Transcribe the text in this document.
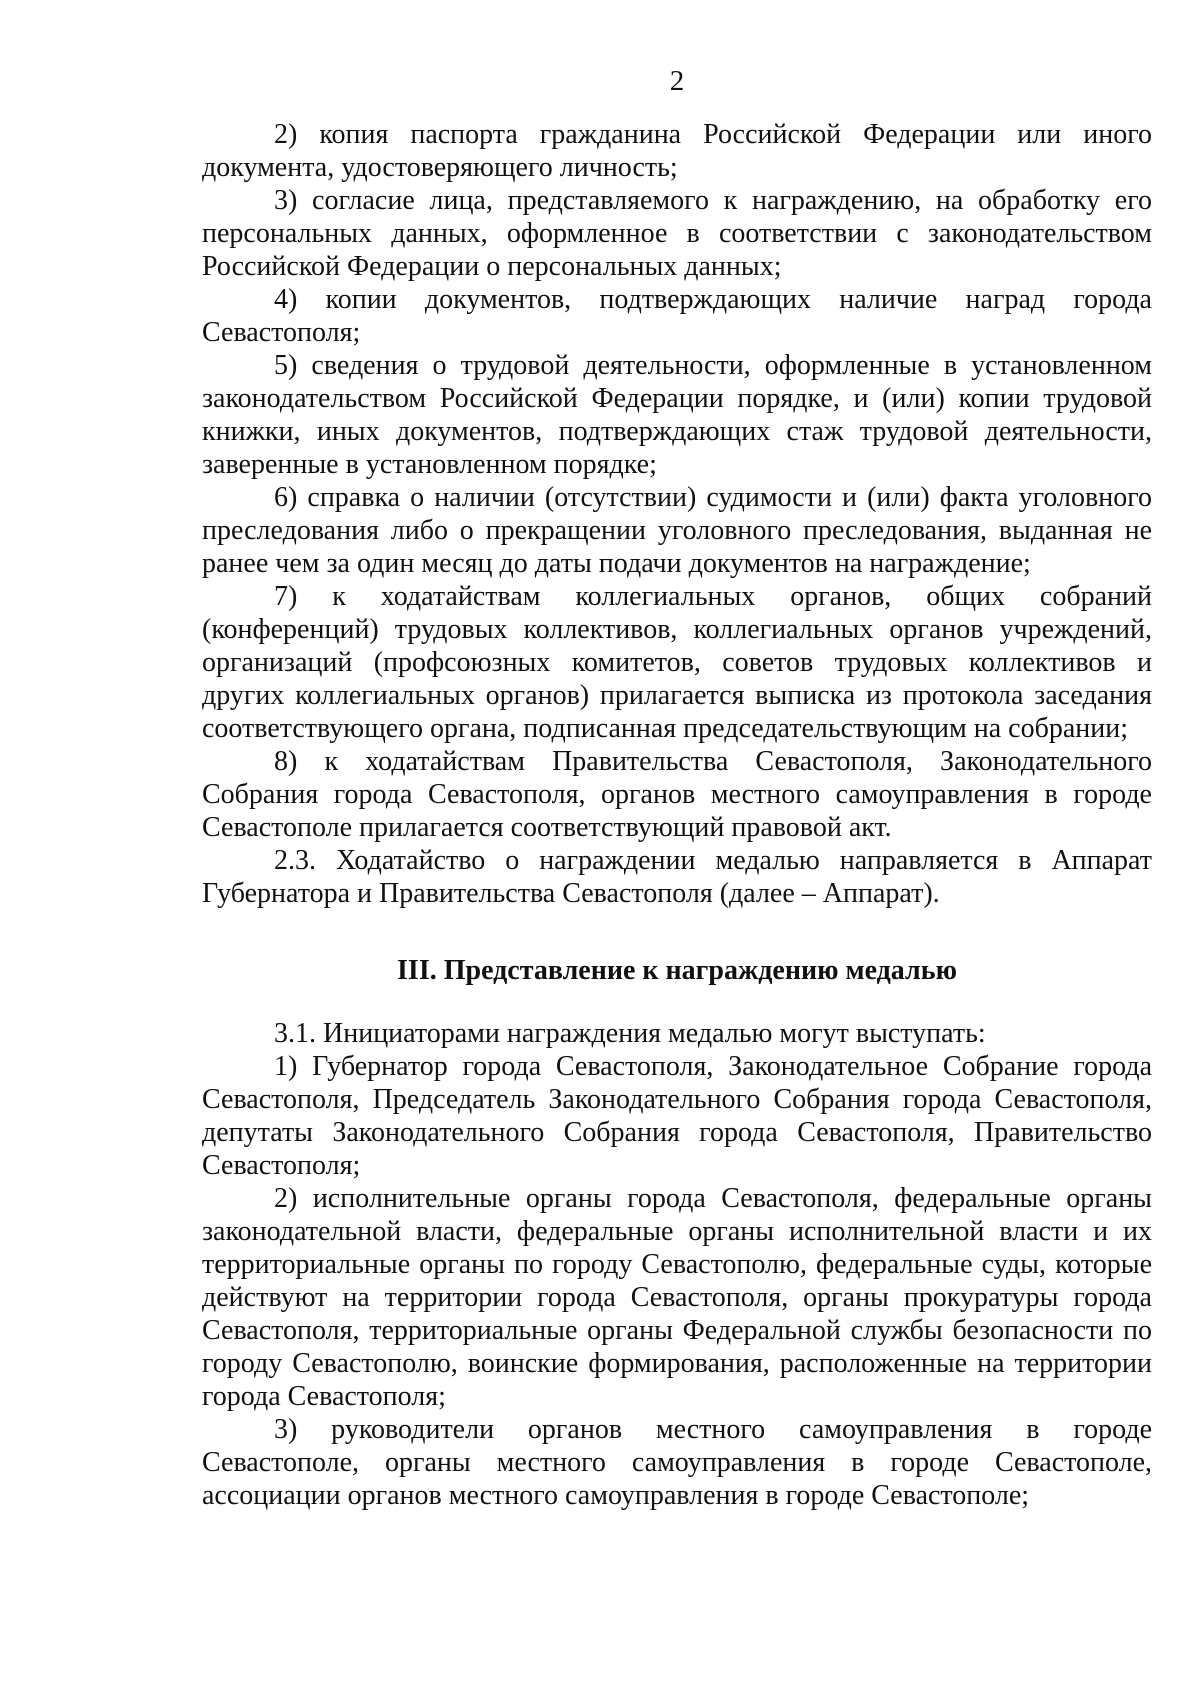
2

2) копия паспорта гражданина Российской Федерации или иного документа, удостоверяющего личность;

3) согласие лица, представляемого к награждению, на обработку его персональных данных, оформленное в соответствии с законодательством Российской Федерации о персональных данных;

4) копии документов, подтверждающих наличие наград города Севастополя;

5) сведения о трудовой деятельности, оформленные в установленном законодательством Российской Федерации порядке, и (или) копии трудовой книжки, иных документов, подтверждающих стаж трудовой деятельности, заверенные в установленном порядке;

6) справка о наличии (отсутствии) судимости и (или) факта уголовного преследования либо о прекращении уголовного преследования, выданная не ранее чем за один месяц до даты подачи документов на награждение;

7) к ходатайствам коллегиальных органов, общих собраний (конференций) трудовых коллективов, коллегиальных органов учреждений, организаций (профсоюзных комитетов, советов трудовых коллективов и других коллегиальных органов) прилагается выписка из протокола заседания соответствующего органа, подписанная председательствующим на собрании;

8) к ходатайствам Правительства Севастополя, Законодательного Собрания города Севастополя, органов местного самоуправления в городе Севастополе прилагается соответствующий правовой акт.

2.3. Ходатайство о награждении медалью направляется в Аппарат Губернатора и Правительства Севастополя (далее – Аппарат).

III. Представление к награждению медалью

3.1. Инициаторами награждения медалью могут выступать:

1) Губернатор города Севастополя, Законодательное Собрание города Севастополя, Председатель Законодательного Собрания города Севастополя, депутаты Законодательного Собрания города Севастополя, Правительство Севастополя;

2) исполнительные органы города Севастополя, федеральные органы законодательной власти, федеральные органы исполнительной власти и их территориальные органы по городу Севастополю, федеральные суды, которые действуют на территории города Севастополя, органы прокуратуры города Севастополя, территориальные органы Федеральной службы безопасности по городу Севастополю, воинские формирования, расположенные на территории города Севастополя;

3) руководители органов местного самоуправления в городе Севастополе, органы местного самоуправления в городе Севастополе, ассоциации органов местного самоуправления в городе Севастополе;
